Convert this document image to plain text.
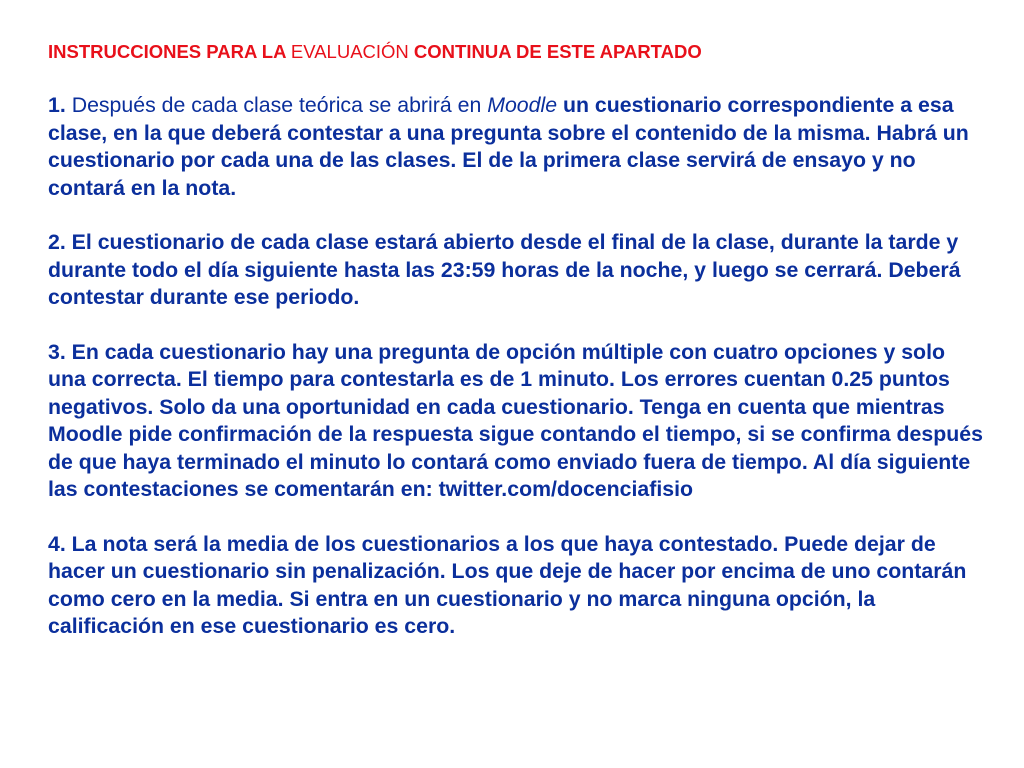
INSTRUCCIONES PARA LA EVALUACIÓN CONTINUA DE ESTE APARTADO

1. Después de cada clase teórica se abrirá en Moodle un cuestionario correspondiente a esa clase, en la que deberá contestar a una pregunta sobre el contenido de la misma. Habrá un cuestionario por cada una de las clases. El de la primera clase servirá de ensayo y no contará en la nota.

2. El cuestionario de cada clase estará abierto desde el final de la clase, durante la tarde y durante todo el día siguiente hasta las 23:59 horas de la noche, y luego se cerrará. Deberá contestar durante ese periodo.

3. En cada cuestionario hay una pregunta de opción múltiple con cuatro opciones y solo una correcta. El tiempo para contestarla es de 1 minuto. Los errores cuentan 0.25 puntos negativos. Solo da una oportunidad en cada cuestionario. Tenga en cuenta que mientras Moodle pide confirmación de la respuesta sigue contando el tiempo, si se confirma después de que haya terminado el minuto lo contará como enviado fuera de tiempo. Al día siguiente las contestaciones se comentarán en: twitter.com/docenciafisio

4. La nota será la media de los cuestionarios a los que haya contestado. Puede dejar de hacer un cuestionario sin penalización. Los que deje de hacer por encima de uno contarán como cero en la media. Si entra en un cuestionario y no marca ninguna opción, la calificación en ese cuestionario es cero.
